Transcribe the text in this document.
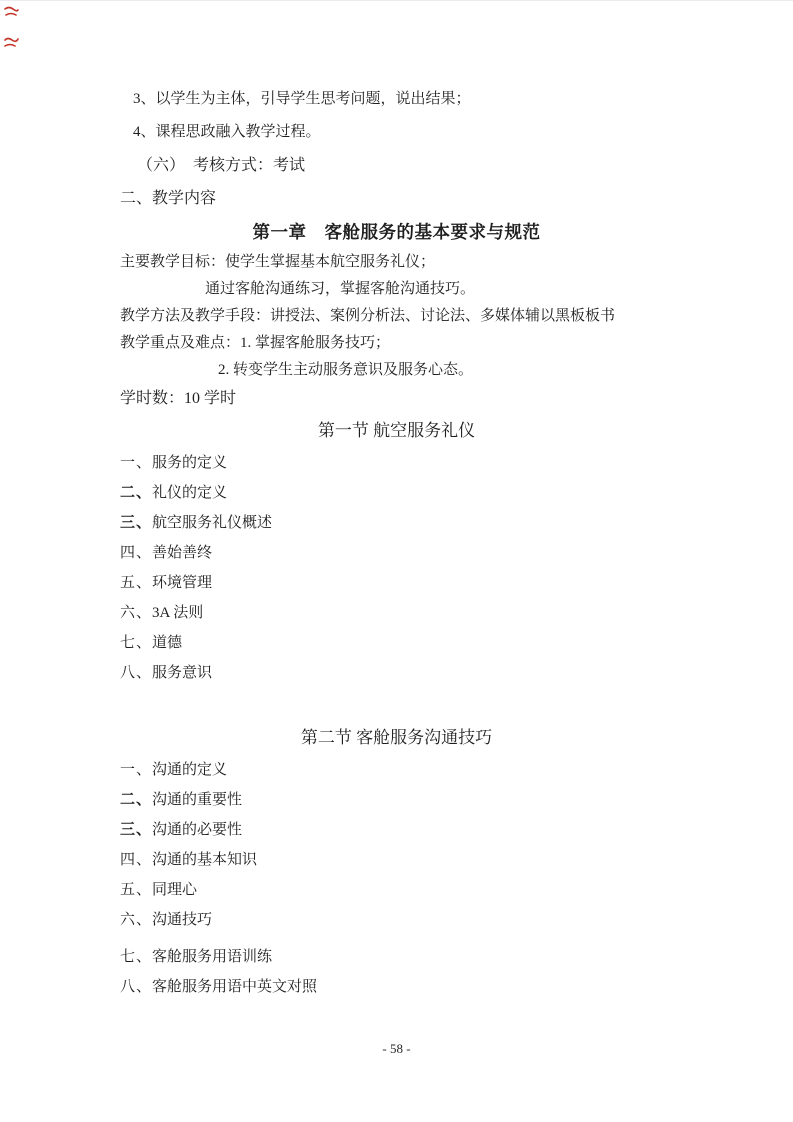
3、以学生为主体，引导学生思考问题，说出结果；
4、课程思政融入教学过程。
（六）　考核方式：考试
二、教学内容
第一章　客舱服务的基本要求与规范
主要教学目标：使学生掌握基本航空服务礼仪；
通过客舱沟通练习，掌握客舱沟通技巧。
教学方法及教学手段：讲授法、案例分析法、讨论法、多媒体辅以黑板板书
教学重点及难点：1. 掌握客舱服务技巧；
2. 转变学生主动服务意识及服务心态。
学时数：10 学时
第一节 航空服务礼仪
一、服务的定义
二、礼仪的定义
三、航空服务礼仪概述
四、善始善终
五、环境管理
六、3A 法则
七、道德
八、服务意识
第二节 客舱服务沟通技巧
一、沟通的定义
二、沟通的重要性
三、沟通的必要性
四、沟通的基本知识
五、同理心
六、沟通技巧
七、客舱服务用语训练
八、客舱服务用语中英文对照
- 58 -
